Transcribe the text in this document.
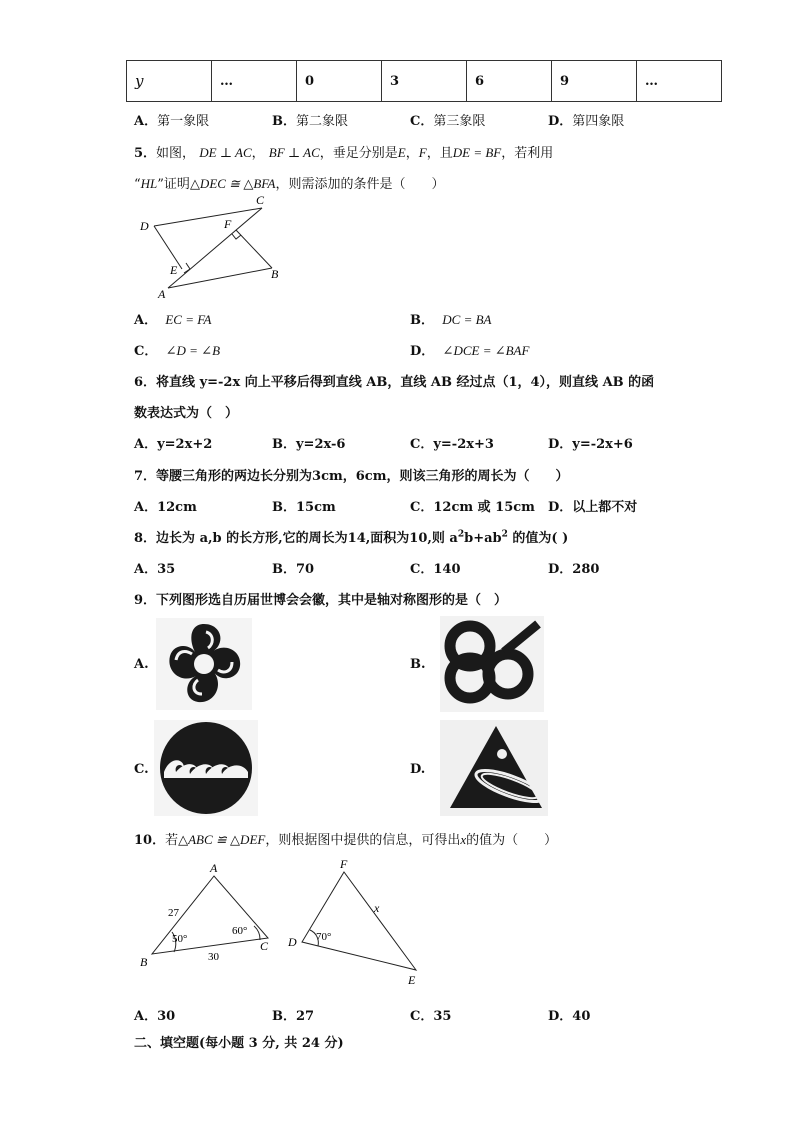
y	…	0	3	6	9	…
A．第一象限	B．第二象限	C．第三象限	D．第四象限
5．如图， DE ⊥ AC， BF ⊥ AC，垂足分别是E，F，且DE = BF，若利用
“HL”证明△DEC ≅ △BFA，则需添加的条件是（　　）
D
C
F
E	B
A
A． EC = FA	B． DC = BA
C． ∠D = ∠B	D． ∠DCE = ∠BAF
6．将直线 y=-2x 向上平移后得到直线 AB，直线 AB 经过点（1，4），则直线 AB 的函
数表达式为（　）
A．y=2x+2	B．y=2x-6	C．y=-2x+3	D．y=-2x+6
7．等腰三角形的两边长分别为3cm，6cm，则该三角形的周长为（　　）
A．12cm	B．15cm	C．12cm 或 15cm D．以上都不对
8．边长为 a,b 的长方形,它的周长为14,面积为10,则 $a^2b+ab^2$ 的值为( )
A．35	B．70	C．140	D．280
9．下列图形选自历届世博会会徽，其中是轴对称图形的是（　）
A.	B.
C.	D.
10．若△ABC ≌ △DEF，则根据图中提供的信息，可得出x的值为（　　）
A
B
C
F
D
E
x
27
30
50°
60°	70°
A．30	B．27	C．35	D．40
二、填空题(每小题 3 分, 共 24 分)
